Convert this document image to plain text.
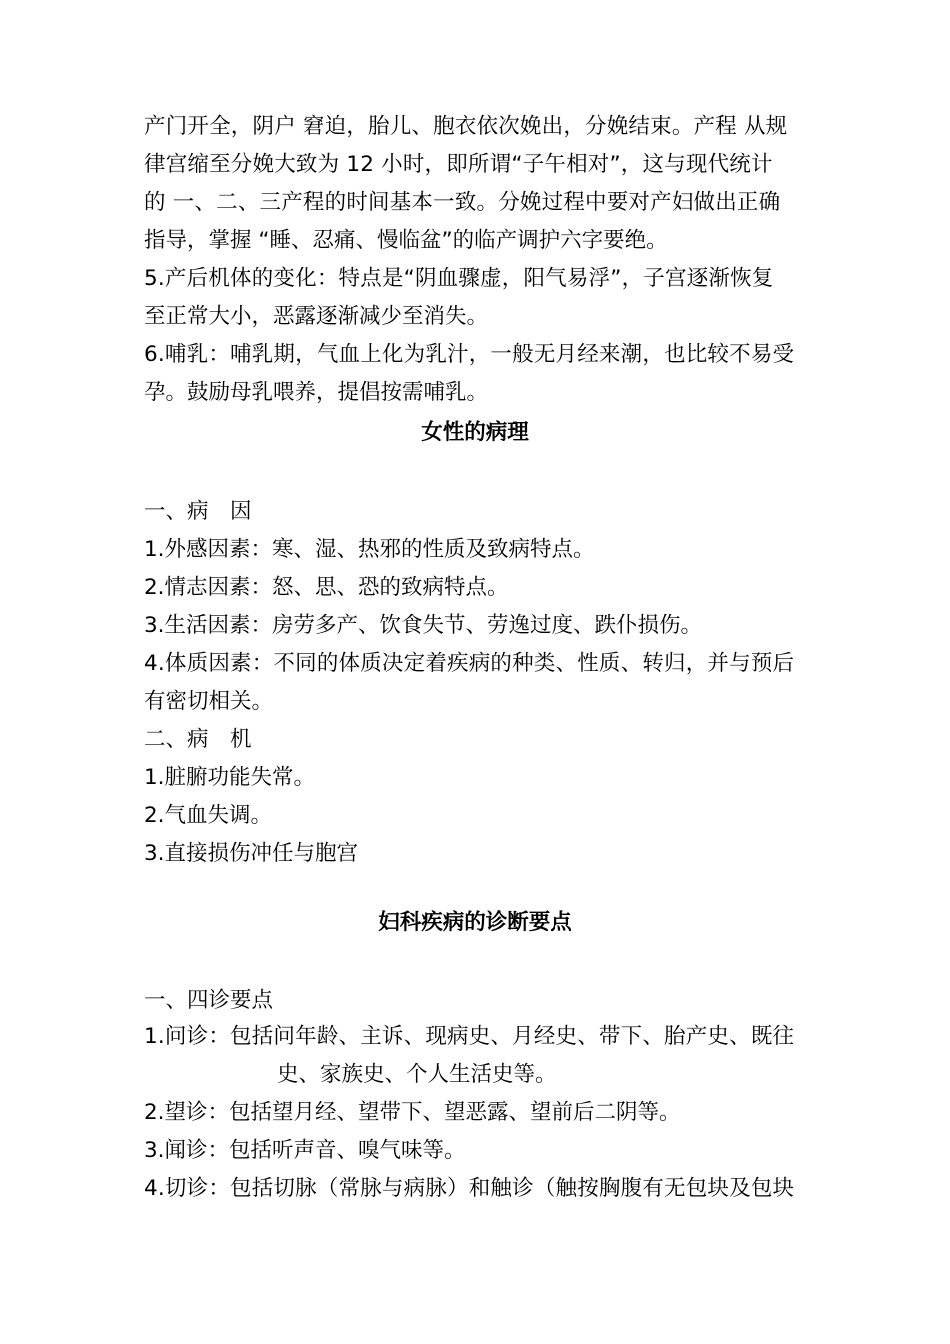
产门开全，阴户 窘迫，胎儿、胞衣依次娩出，分娩结束。产程 从规
律宫缩至分娩大致为 12 小时，即所谓“子午相对”，这与现代统计
的 一、二、三产程的时间基本一致。分娩过程中要对产妇做出正确
指导，掌握 “睡、忍痛、慢临盆”的临产调护六字要绝。
5.产后机体的变化：特点是“阴血骤虚，阳气易浮”，子宫逐渐恢复
至正常大小，恶露逐渐减少至消失。
6.哺乳：哺乳期，气血上化为乳汁，一般无月经来潮，也比较不易受
孕。鼓励母乳喂养，提倡按需哺乳。
女性的病理
一、病　因
1.外感因素：寒、湿、热邪的性质及致病特点。
2.情志因素：怒、思、恐的致病特点。
3.生活因素：房劳多产、饮食失节、劳逸过度、跌仆损伤。
4.体质因素：不同的体质决定着疾病的种类、性质、转归，并与预后
有密切相关。
二、病　机
1.脏腑功能失常。
2.气血失调。
3.直接损伤冲任与胞宫
妇科疾病的诊断要点
一、四诊要点
1.问诊：包括问年龄、主诉、现病史、月经史、带下、胎产史、既往
史、家族史、个人生活史等。
2.望诊：包括望月经、望带下、望恶露、望前后二阴等。
3.闻诊：包括听声音、嗅气味等。
4.切诊：包括切脉（常脉与病脉）和触诊（触按胸腹有无包块及包块
